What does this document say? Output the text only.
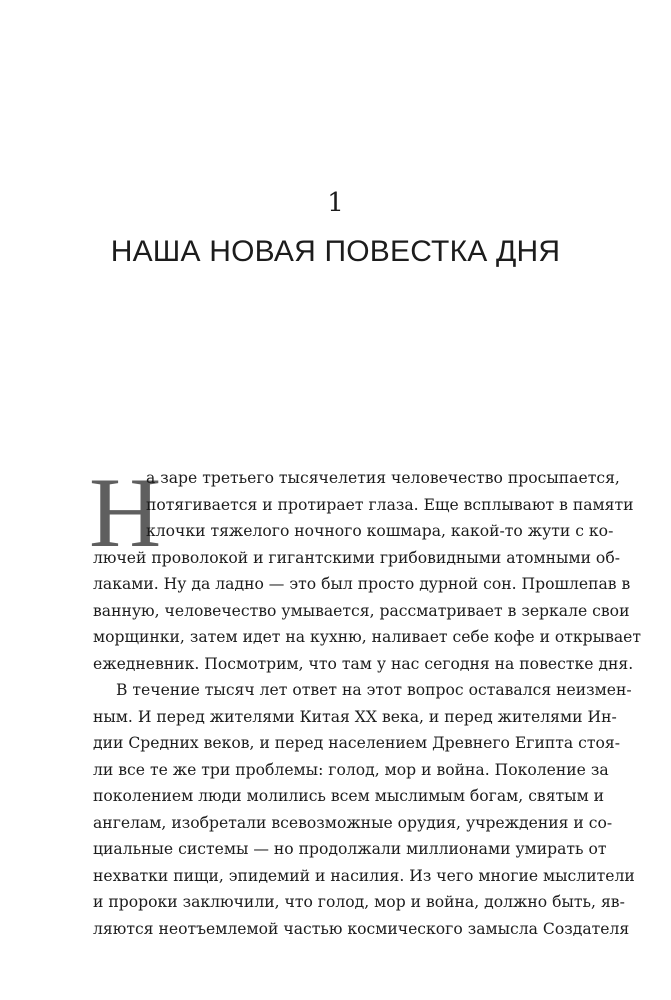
1
НАША НОВАЯ ПОВЕСТКА ДНЯ
Н
а заре третьего тысячелетия человечество просыпается,
потягивается и протирает глаза. Еще всплывают в памяти
клочки тяжелого ночного кошмара, какой-то жути с ко-
лючей проволокой и гигантскими грибовидными атомными об-
лаками. Ну да ладно — это был просто дурной сон. Прошлепав в
ванную, человечество умывается, рассматривает в зеркале свои
морщинки, затем идет на кухню, наливает себе кофе и открывает
ежедневник. Посмотрим, что там у нас сегодня на повестке дня.
В течение тысяч лет ответ на этот вопрос оставался неизмен-
ным. И перед жителями Китая XX века, и перед жителями Ин-
дии Средних веков, и перед населением Древнего Египта стоя-
ли все те же три проблемы: голод, мор и война. Поколение за
поколением люди молились всем мыслимым богам, святым и
ангелам, изобретали всевозможные орудия, учреждения и со-
циальные системы — но продолжали миллионами умирать от
нехватки пищи, эпидемий и насилия. Из чего многие мыслители
и пророки заключили, что голод, мор и война, должно быть, яв-
ляются неотъемлемой частью космического замысла Создателя
